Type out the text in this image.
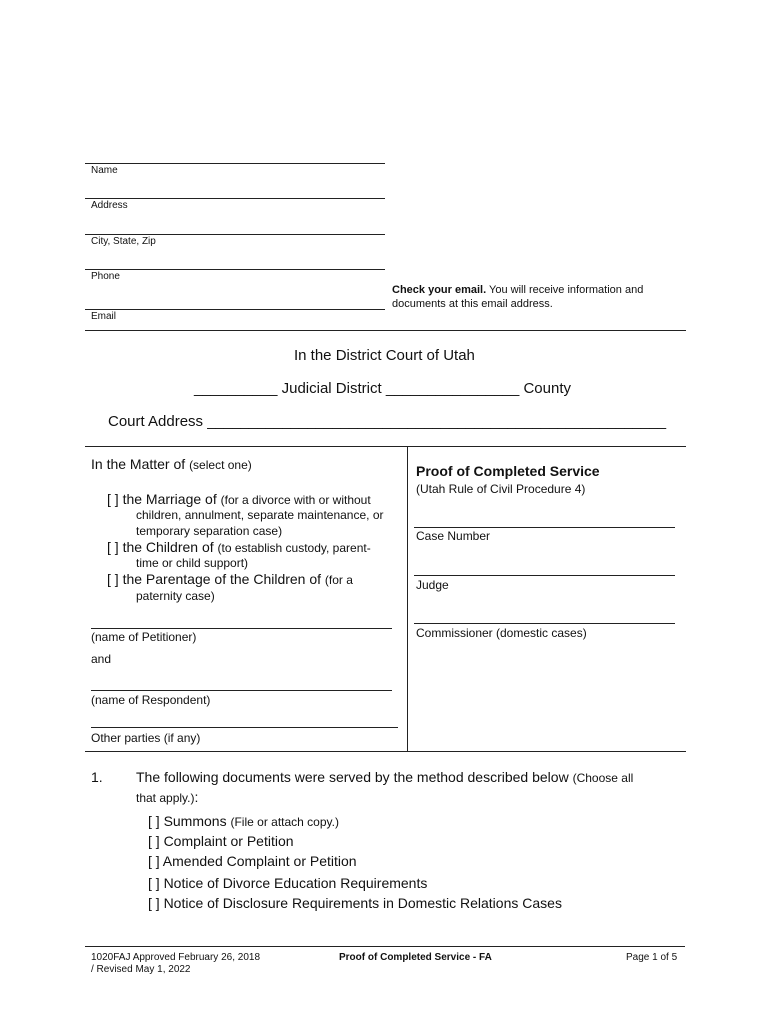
Name
Address
City, State, Zip
Phone
Email
Check your email. You will receive information and
documents at this email address.
In the District Court of Utah
__________ Judicial District ________________ County
Court Address _______________________________________________________
In the Matter of (select one)
[ ] the Marriage of (for a divorce with or without
children, annulment, separate maintenance, or
temporary separation case)
[ ] the Children of (to establish custody, parent-
time or child support)
[ ] the Parentage of the Children of (for a
paternity case)
(name of Petitioner)
and
(name of Respondent)
Other parties (if any)
Proof of Completed Service
(Utah Rule of Civil Procedure 4)
Case Number
Judge
Commissioner (domestic cases)
1. The following documents were served by the method described below (Choose all
that apply.):
[ ] Summons (File or attach copy.)
[ ] Complaint or Petition
[ ] Amended Complaint or Petition
[ ] Notice of Divorce Education Requirements
[ ] Notice of Disclosure Requirements in Domestic Relations Cases
1020FAJ Approved February 26, 2018
/ Revised May 1, 2022
Proof of Completed Service - FA	Page 1 of 5
